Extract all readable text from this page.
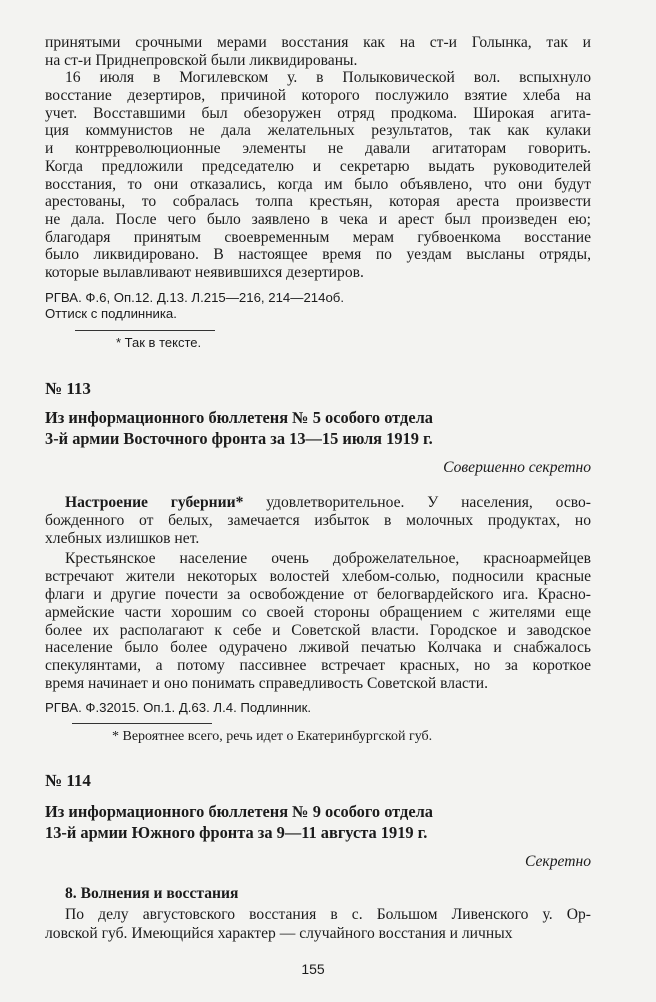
принятыми срочными мерами восстания как на ст-и Голынка, так и
на ст-и Приднепровской были ликвидированы.
16 июля в Могилевском у. в Полыковической вол. вспыхнуло
восстание дезертиров, причиной которого послужило взятие хлеба на
учет. Восставшими был обезоружен отряд продкома. Широкая агита-
ция коммунистов не дала желательных результатов, так как кулаки
и контрреволюционные элементы не давали агитаторам говорить.
Когда предложили председателю и секретарю выдать руководителей
восстания, то они отказались, когда им было объявлено, что они будут
арестованы, то собралась толпа крестьян, которая ареста произвести
не дала. После чего было заявлено в чека и арест был произведен ею;
благодаря принятым своевременным мерам губвоенкома восстание
было ликвидировано. В настоящее время по уездам высланы отряды,
которые вылавливают неявившихся дезертиров.
РГВА. Ф.6, Оп.12. Д.13. Л.215—216, 214—214об.
Оттиск с подлинника.
* Так в тексте.
№ 113
Из информационного бюллетеня № 5 особого отдела
3-й армии Восточного фронта за 13—15 июля 1919 г.
Совершенно секретно
Настроение губернии* удовлетворительное. У населения, осво-
божденного от белых, замечается избыток в молочных продуктах, но
хлебных излишков нет.
Крестьянское население очень доброжелательное, красноармейцев
встречают жители некоторых волостей хлебом-солью, подносили красные
флаги и другие почести за освобождение от белогвардейского ига. Красно-
армейские части хорошим со своей стороны обращением с жителями еще
более их располагают к себе и Советской власти. Городское и заводское
население было более одурачено лживой печатью Колчака и снабжалось
спекулянтами, а потому пассивнее встречает красных, но за короткое
время начинает и оно понимать справедливость Советской власти.
РГВА. Ф.32015. Оп.1. Д.63. Л.4. Подлинник.
* Вероятнее всего, речь идет о Екатеринбургской губ.
№ 114
Из информационного бюллетеня № 9 особого отдела
13-й армии Южного фронта за 9—11 августа 1919 г.
Секретно
8. Волнения и восстания
По делу августовского восстания в с. Большом Ливенского у. Ор-
ловской губ. Имеющийся характер — случайного восстания и личных
155
